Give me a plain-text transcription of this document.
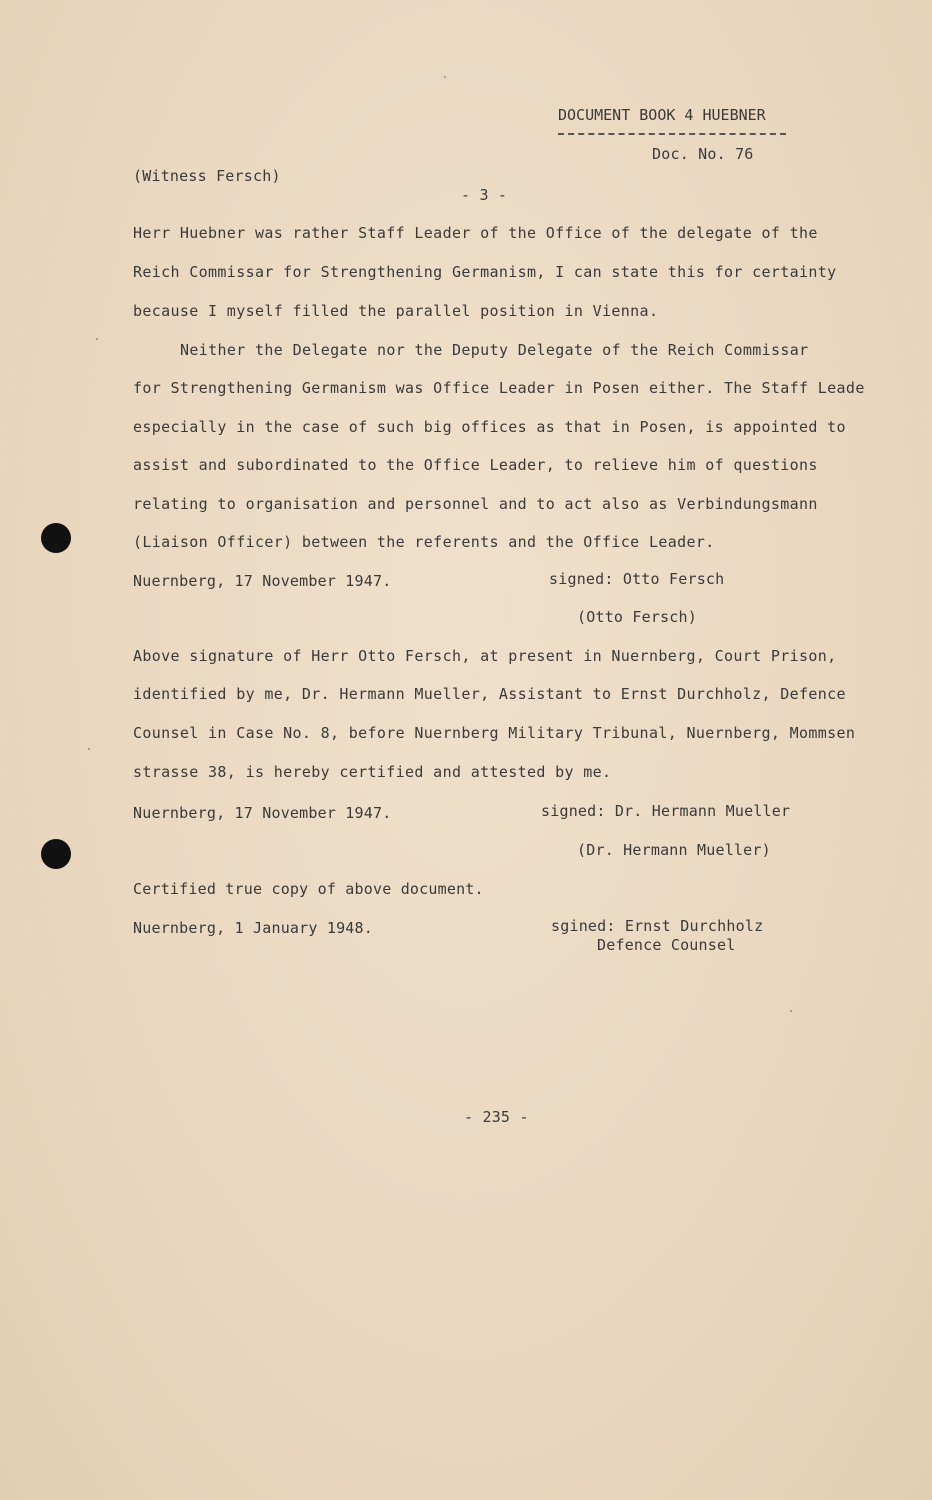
DOCUMENT BOOK 4 HUEBNER
Doc. No. 76
(Witness Fersch)
- 3 -
Herr Huebner was rather Staff Leader of the Office of the delegate of the
Reich Commissar for Strengthening Germanism, I can state this for certainty
because I myself filled the parallel position in Vienna.
Neither the Delegate nor the Deputy Delegate of the Reich Commissar
for Strengthening Germanism was Office Leader in Posen either. The Staff Leade
especially in the case of such big offices as that in Posen, is appointed to
assist and subordinated to the Office Leader, to relieve him of questions
relating to organisation and personnel and to act also as Verbindungsmann
(Liaison Officer) between the referents and the Office Leader.
Nuernberg, 17 November 1947.	signed: Otto Fersch
(Otto Fersch)
Above signature of Herr Otto Fersch, at present in Nuernberg, Court Prison,
identified by me, Dr. Hermann Mueller, Assistant to Ernst Durchholz, Defence
Counsel in Case No. 8, before Nuernberg Military Tribunal, Nuernberg, Mommsen
strasse 38, is hereby certified and attested by me.
Nuernberg, 17 November 1947.	signed: Dr. Hermann Mueller
(Dr. Hermann Mueller)
Certified true copy of above document.
Nuernberg, 1 January 1948.	sgined: Ernst Durchholz
Defence Counsel
- 235 -
